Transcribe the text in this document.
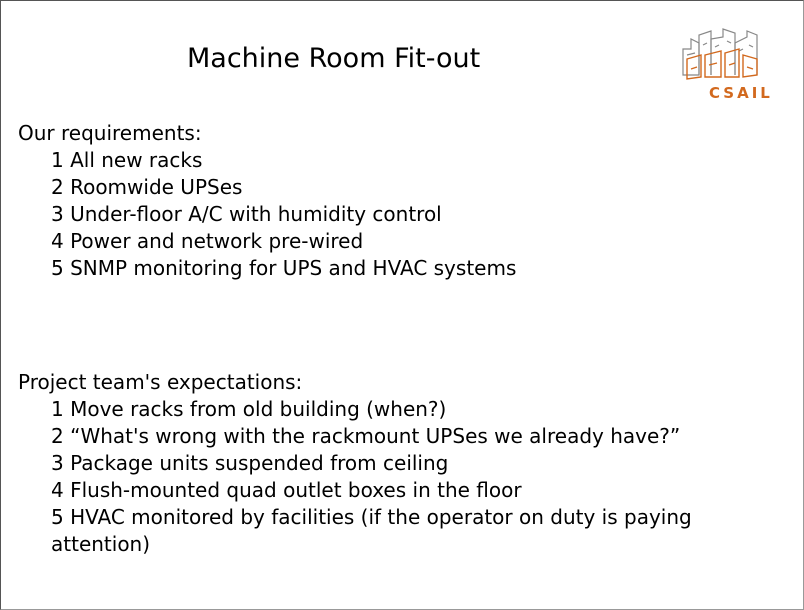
Machine Room Fit-out
CSAIL
Our requirements:
1 All new racks
2 Roomwide UPSes
3 Under-floor A/C with humidity control
4 Power and network pre-wired
5 SNMP monitoring for UPS and HVAC systems
Project team's expectations:
1 Move racks from old building (when?)
2 “What's wrong with the rackmount UPSes we already have?”
3 Package units suspended from ceiling
4 Flush-mounted quad outlet boxes in the floor
5 HVAC monitored by facilities (if the operator on duty is paying attention)
